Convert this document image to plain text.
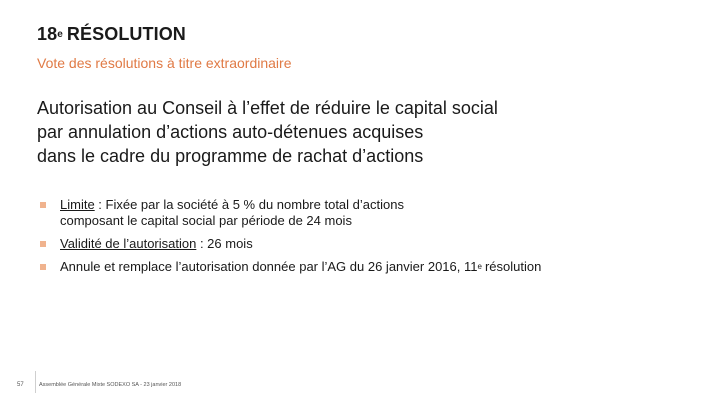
18e RÉSOLUTION
Vote des résolutions à titre extraordinaire
Autorisation au Conseil à l’effet de réduire le capital social
par annulation d’actions auto-détenues acquises
dans le cadre du programme de rachat d’actions
Limite : Fixée par la société à 5 % du nombre total d’actions
composant le capital social par période de 24 mois
Validité de l’autorisation : 26 mois
Annule et remplace l’autorisation donnée par l’AG du 26 janvier 2016, 11e résolution
57	Assemblée Générale Mixte SODEXO SA - 23 janvier 2018
